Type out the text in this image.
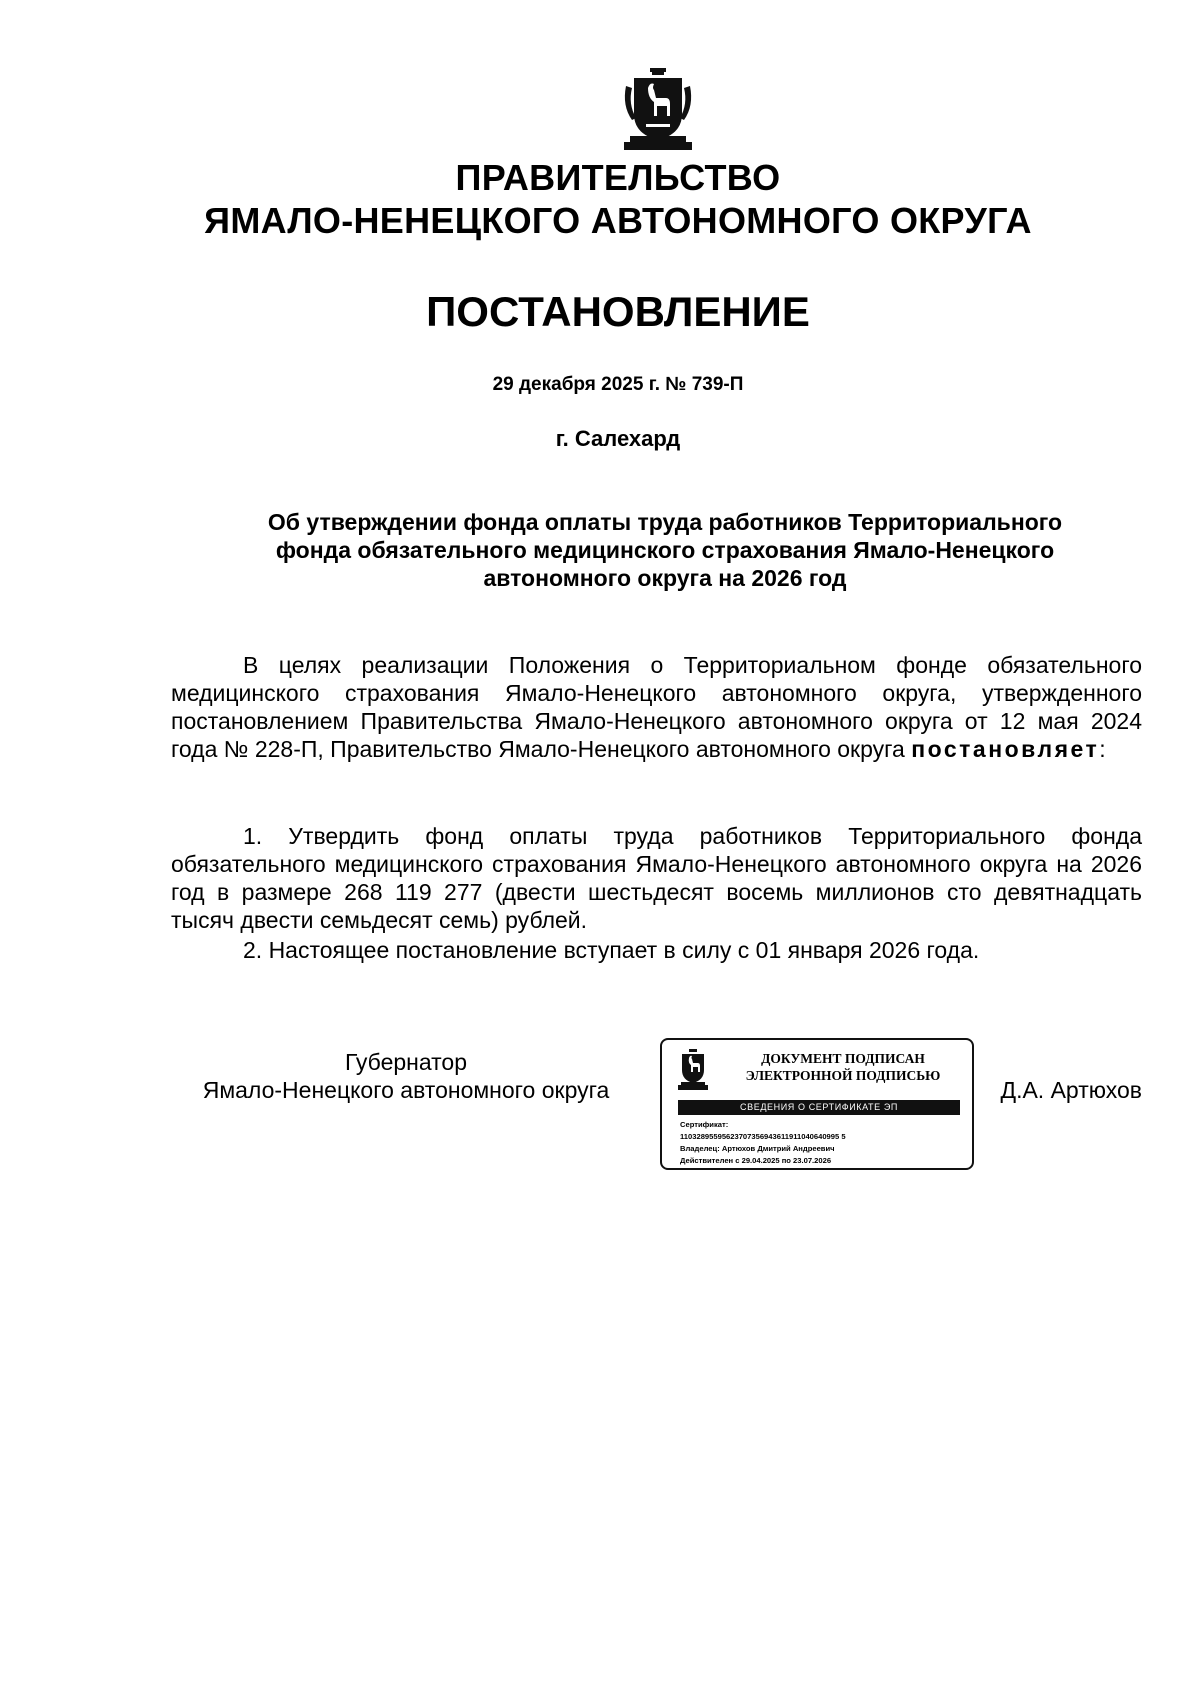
ПРАВИТЕЛЬСТВО
ЯМАЛО-НЕНЕЦКОГО АВТОНОМНОГО ОКРУГА
ПОСТАНОВЛЕНИЕ
29 декабря 2025 г. № 739-П
г. Салехард
Об утверждении фонда оплаты труда работников Территориального
фонда обязательного медицинского страхования Ямало-Ненецкого
автономного округа на 2026 год
В целях реализации Положения о Территориальном фонде обязательного медицинского страхования Ямало-Ненецкого автономного округа, утвержденного постановлением Правительства Ямало-Ненецкого автономного округа от 12 мая 2024 года № 228-П, Правительство Ямало-Ненецкого автономного округа постановляет:
1. Утвердить фонд оплаты труда работников Территориального фонда обязательного медицинского страхования Ямало-Ненецкого автономного округа на 2026 год в размере 268 119 277 (двести шестьдесят восемь миллионов сто девятнадцать тысяч двести семьдесят семь) рублей.
2. Настоящее постановление вступает в силу с 01 января 2026 года.
Губернатор
Ямало-Ненецкого автономного округа
ДОКУМЕНТ ПОДПИСАН
ЭЛЕКТРОННОЙ ПОДПИСЬЮ
СВЕДЕНИЯ О СЕРТИФИКАТЕ ЭП
Сертификат:
11032895595623707356943611911040640995 5
Владелец: Артюхов Дмитрий Андреевич
Действителен с 29.04.2025 по 23.07.2026
Д.А. Артюхов
